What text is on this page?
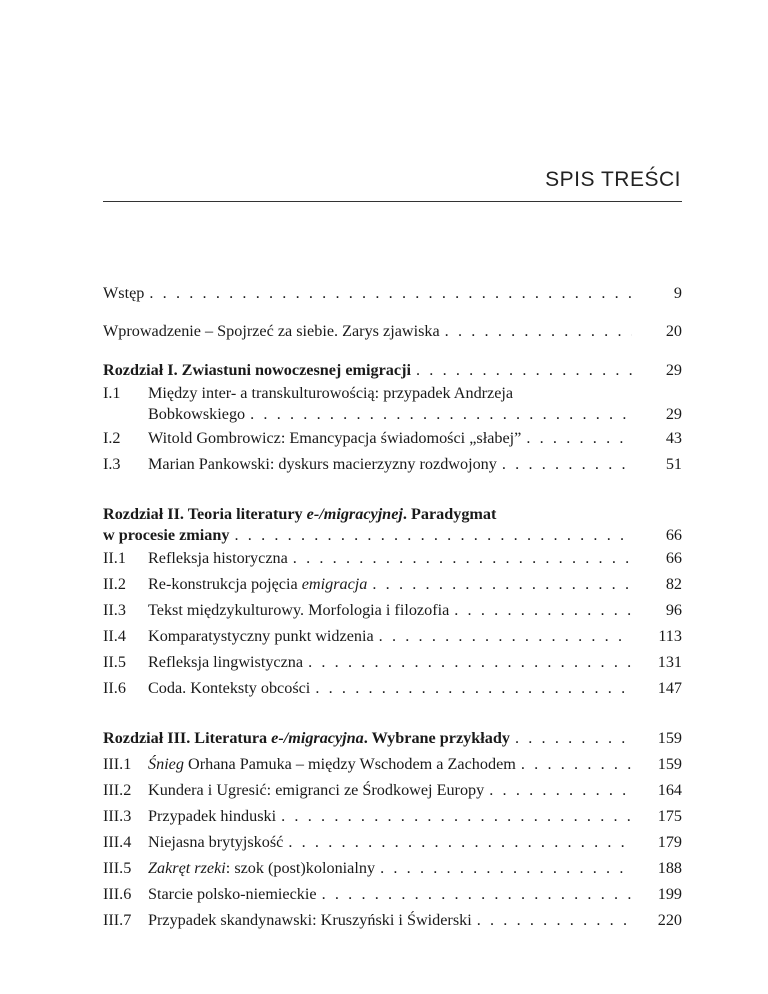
SPIS TREŚCI
Wstęp . . .	9
Wprowadzenie – Spojrzeć za siebie. Zarys zjawiska . . .	20
Rozdział I. Zwiastuni nowoczesnej emigracji . . .	29
I.1 Między inter- a transkulturowością: przypadek Andrzeja
Bobkowskiego . . .	29
I.2 Witold Gombrowicz: Emancypacja świadomości „słabej” . . .	43
I.3 Marian Pankowski: dyskurs macierzyzny rozdwojony . . .	51
Rozdział II. Teoria literatury e-/migracyjnej. Paradygmat
w procesie zmiany . . .	66
II.1 Refleksja historyczna . . .	66
II.2 Re-konstrukcja pojęcia emigracja . . .	82
II.3 Tekst międzykulturowy. Morfologia i filozofia . . .	96
II.4 Komparatystyczny punkt widzenia . . .	113
II.5 Refleksja lingwistyczna . . .	131
II.6 Coda. Konteksty obcości . . .	147
Rozdział III. Literatura e-/migracyjna. Wybrane przykłady . . .	159
III.1 Śnieg Orhana Pamuka – między Wschodem a Zachodem . . .	159
III.2 Kundera i Ugresić: emigranci ze Środkowej Europy . . .	164
III.3 Przypadek hinduski . . .	175
III.4 Niejasna brytyjskość . . .	179
III.5 Zakręt rzeki: szok (post)kolonialny . . .	188
III.6 Starcie polsko-niemieckie . . .	199
III.7 Przypadek skandynawski: Kruszyński i Świderski . . .	220
